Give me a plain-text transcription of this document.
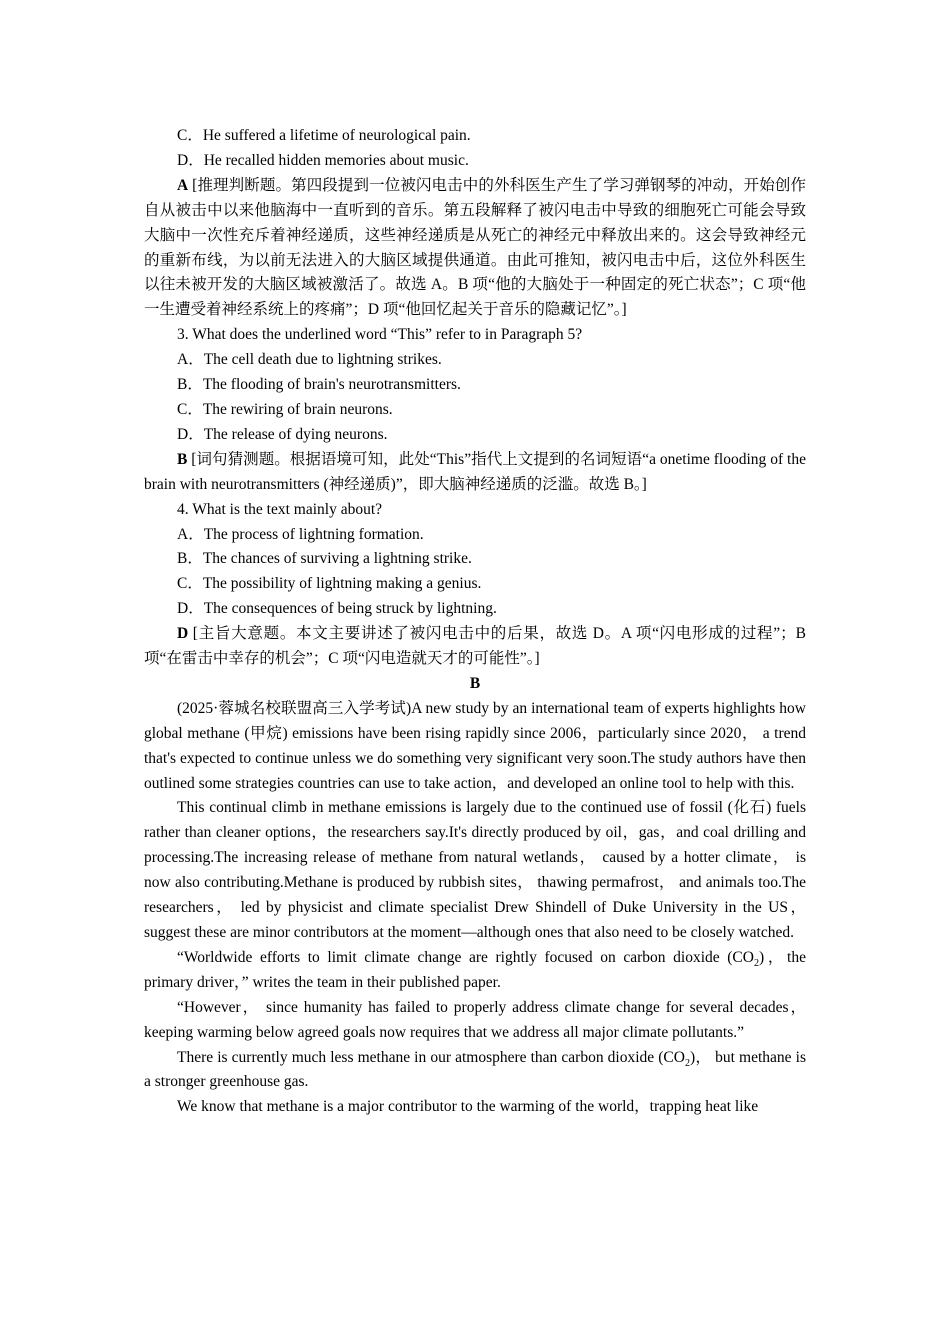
C．He suffered a lifetime of neurological pain.

D．He recalled hidden memories about music.

A [推理判断题。第四段提到一位被闪电击中的外科医生产生了学习弹钢琴的冲动，开始创作自从被击中以来他脑海中一直听到的音乐。第五段解释了被闪电击中导致的细胞死亡可能会导致大脑中一次性充斥着神经递质，这些神经递质是从死亡的神经元中释放出来的。这会导致神经元的重新布线，为以前无法进入的大脑区域提供通道。由此可推知，被闪电击中后，这位外科医生以往未被开发的大脑区域被激活了。故选 A。B 项“他的大脑处于一种固定的死亡状态”；C 项“他一生遭受着神经系统上的疼痛”；D 项“他回忆起关于音乐的隐藏记忆”。]

3. What does the underlined word “This” refer to in Paragraph 5?

A．The cell death due to lightning strikes.

B．The flooding of brain's neurotransmitters.

C．The rewiring of brain neurons.

D．The release of dying neurons.

B [词句猜测题。根据语境可知，此处“This”指代上文提到的名词短语“a onetime flooding of the brain with neurotransmitters (神经递质)”，即大脑神经递质的泛滥。故选 B。]

4. What is the text mainly about?

A．The process of lightning formation.

B．The chances of surviving a lightning strike.

C．The possibility of lightning making a genius.

D．The consequences of being struck by lightning.

D [主旨大意题。本文主要讲述了被闪电击中的后果，故选 D。A 项“闪电形成的过程”；B 项“在雷击中幸存的机会”；C 项“闪电造就天才的可能性”。]

B

(2025·蓉城名校联盟高三入学考试)A new study by an international team of experts highlights how global methane (甲烷) emissions have been rising rapidly since 2006，particularly since 2020， a trend that's expected to continue unless we do something very significant very soon.The study authors have then outlined some strategies countries can use to take action，and developed an online tool to help with this.

This continual climb in methane emissions is largely due to the continued use of fossil (化石) fuels rather than cleaner options，the researchers say.It's directly produced by oil，gas，and coal drilling and processing.The increasing release of methane from natural wetlands， caused by a hotter climate， is now also contributing.Methane is produced by rubbish sites， thawing permafrost， and animals too.The researchers， led by physicist and climate specialist Drew Shindell of Duke University in the US， suggest these are minor contributors at the moment—although ones that also need to be closely watched.

“Worldwide efforts to limit climate change are rightly focused on carbon dioxide $(CO_2)$，the primary driver，” writes the team in their published paper.

“However， since humanity has failed to properly address climate change for several decades，keeping warming below agreed goals now requires that we address all major climate pollutants.”

There is currently much less methane in our atmosphere than carbon dioxide $(CO_2)$， but methane is a stronger greenhouse gas.

We know that methane is a major contributor to the warming of the world，trapping heat like
